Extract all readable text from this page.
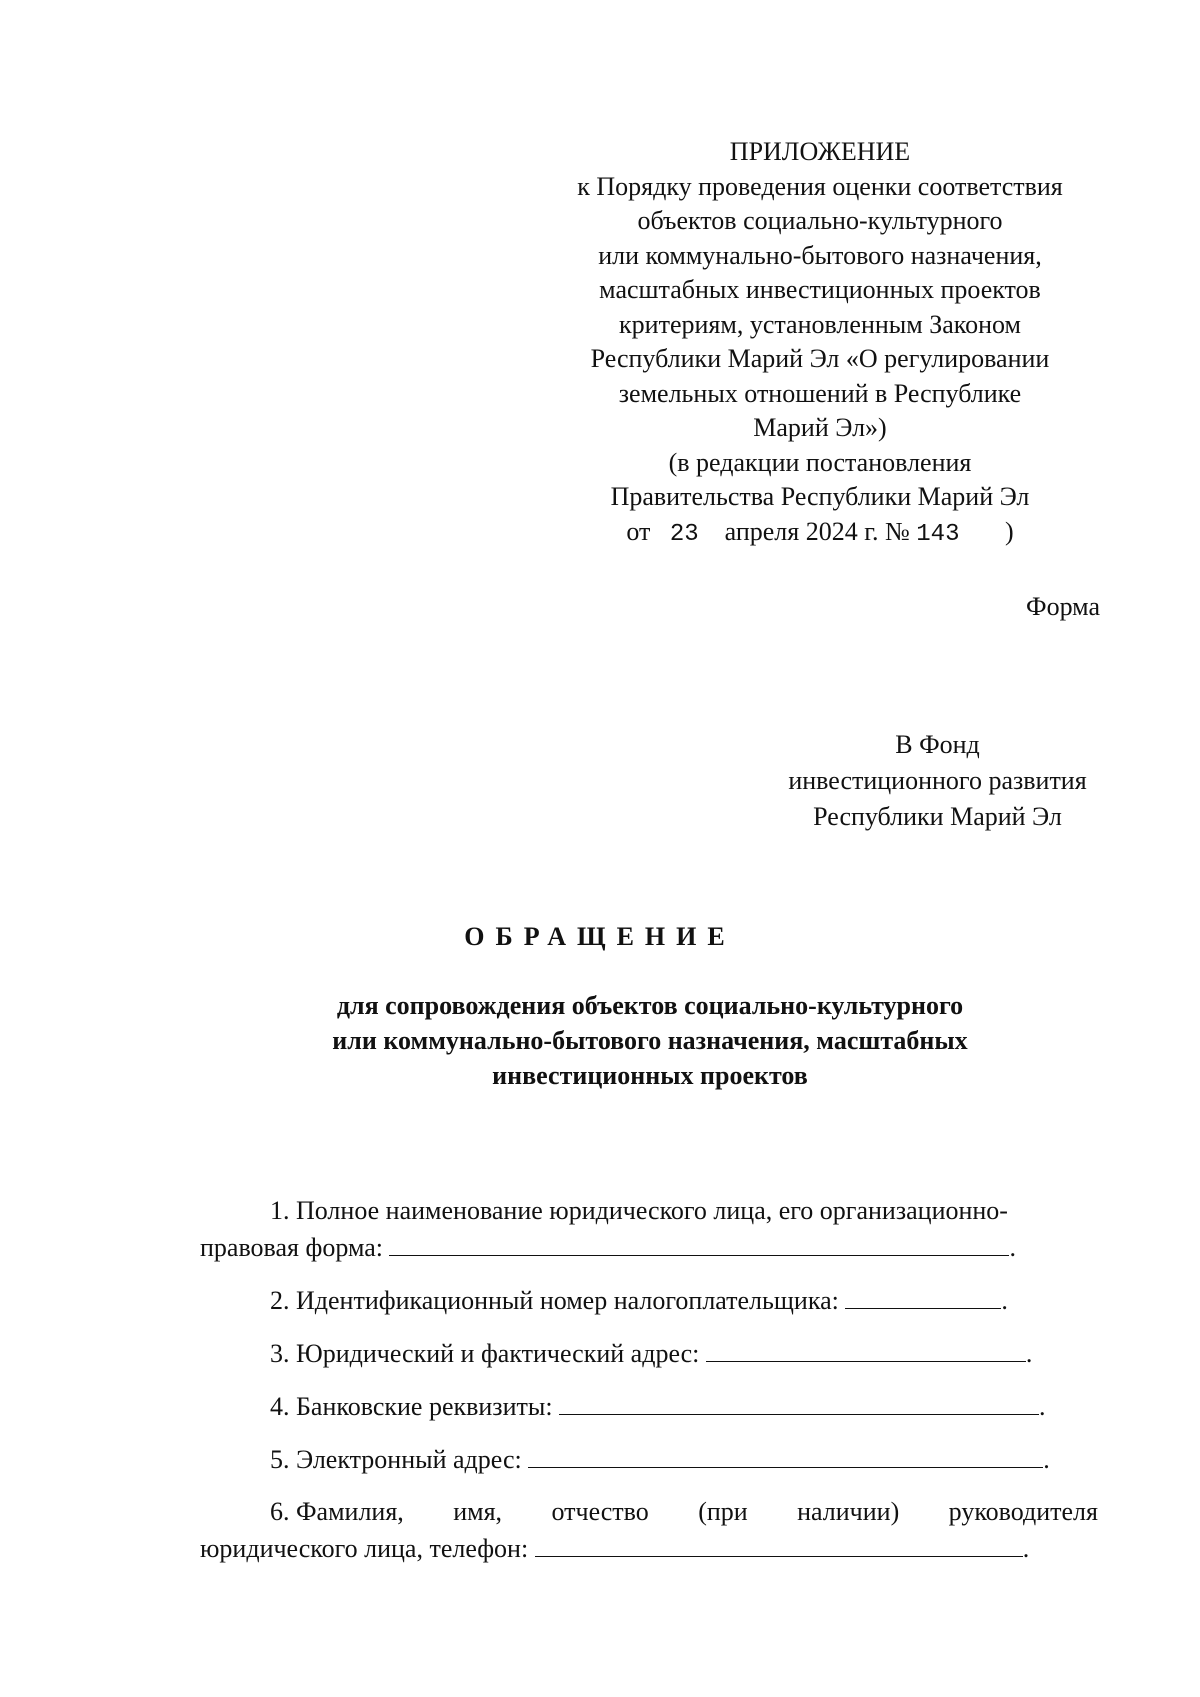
ПРИЛОЖЕНИЕ
к Порядку проведения оценки соответствия
объектов социально-культурного
или коммунально-бытового назначения,
масштабных инвестиционных проектов
критериям, установленным Законом
Республики Марий Эл «О регулировании
земельных отношений в Республике
Марий Эл»)
(в редакции постановления
Правительства Республики Марий Эл
от 23 апреля 2024 г. № 143 )
Форма
В Фонд
инвестиционного развития
Республики Марий Эл
ОБРАЩЕНИЕ
для сопровождения объектов социально-культурного
или коммунально-бытового назначения, масштабных
инвестиционных проектов
1. Полное наименование юридического лица, его организационно-
правовая форма:	.
2. Идентификационный номер налогоплательщика:	.
3. Юридический и фактический адрес:	.
4. Банковские реквизиты:	.
5. Электронный адрес:	.
6. Фамилия, имя, отчество (при наличии) руководителя
юридического лица, телефон:	.
